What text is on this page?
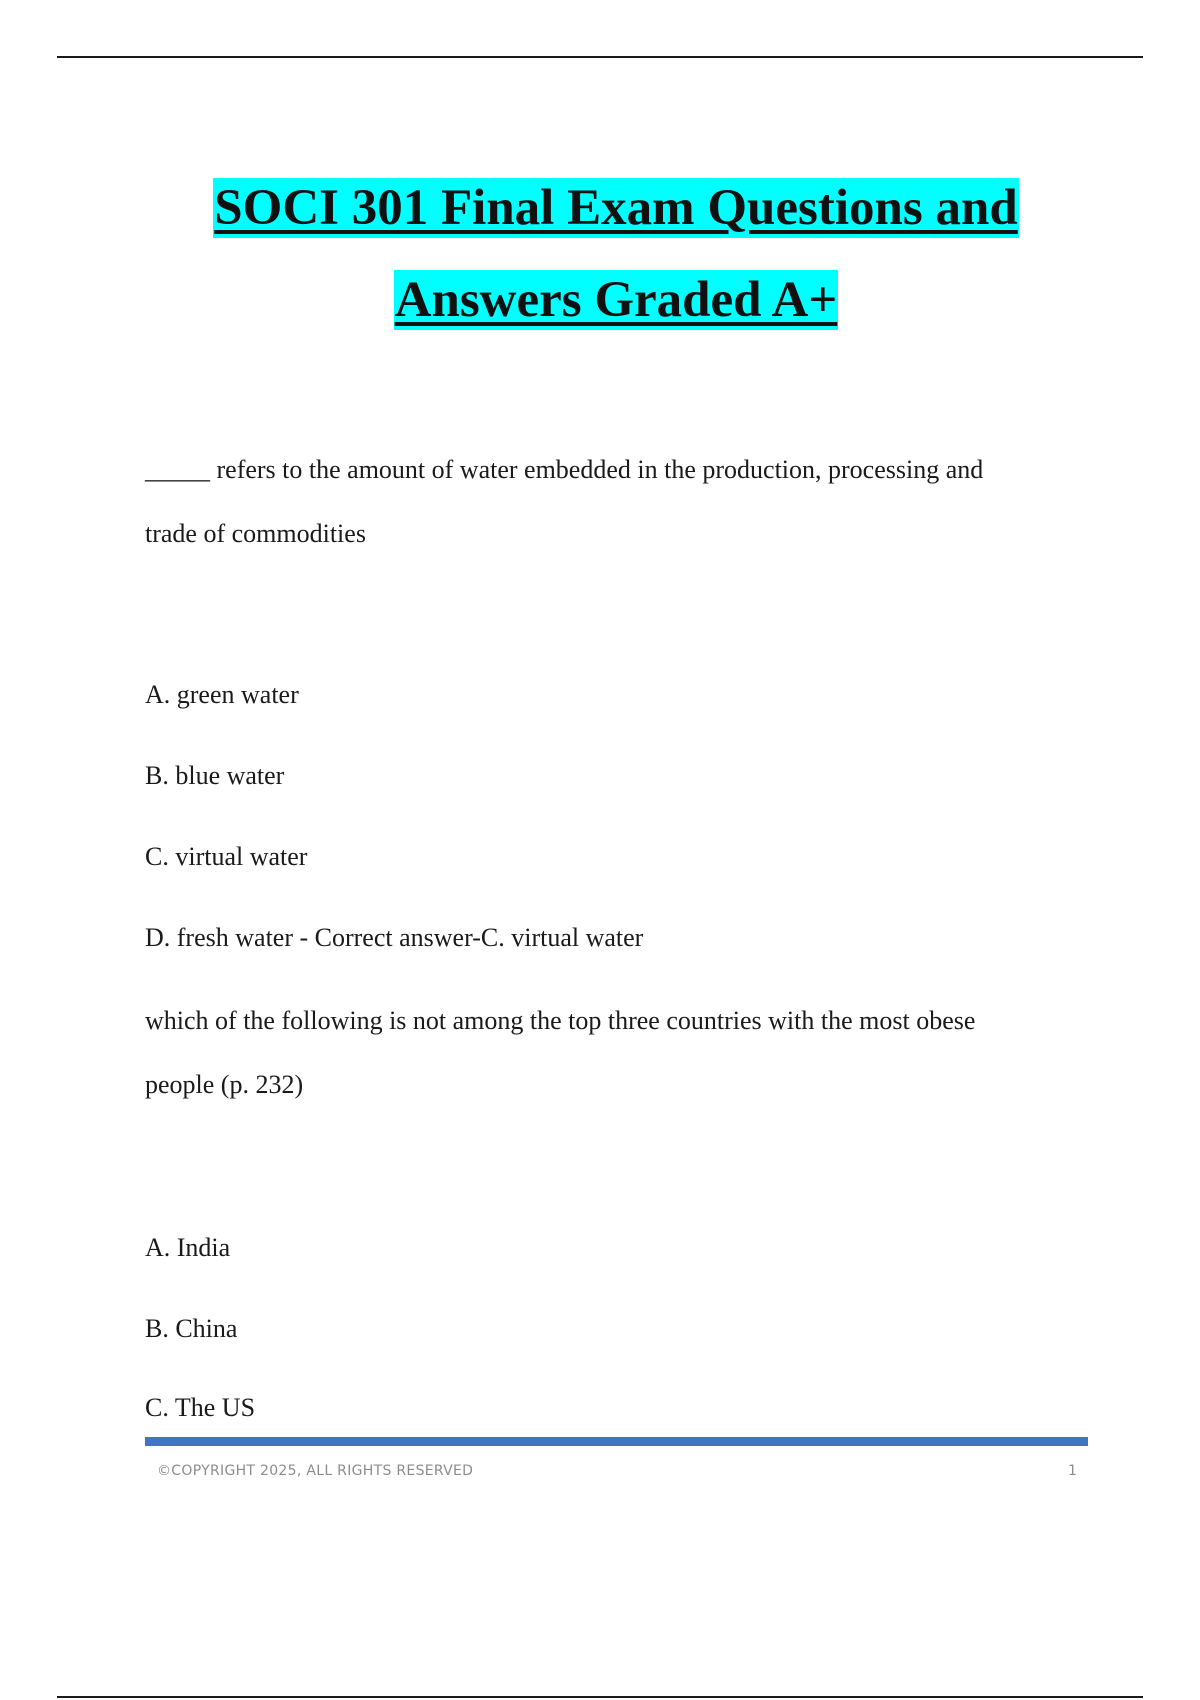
SOCI 301 Final Exam Questions and
Answers Graded A+
_____ refers to the amount of water embedded in the production, processing and
trade of commodities
A. green water
B. blue water
C. virtual water
D. fresh water - Correct answer-C. virtual water
which of the following is not among the top three countries with the most obese
people (p. 232)
A. India
B. China
C. The US
©COPYRIGHT 2025, ALL RIGHTS RESERVED	1
